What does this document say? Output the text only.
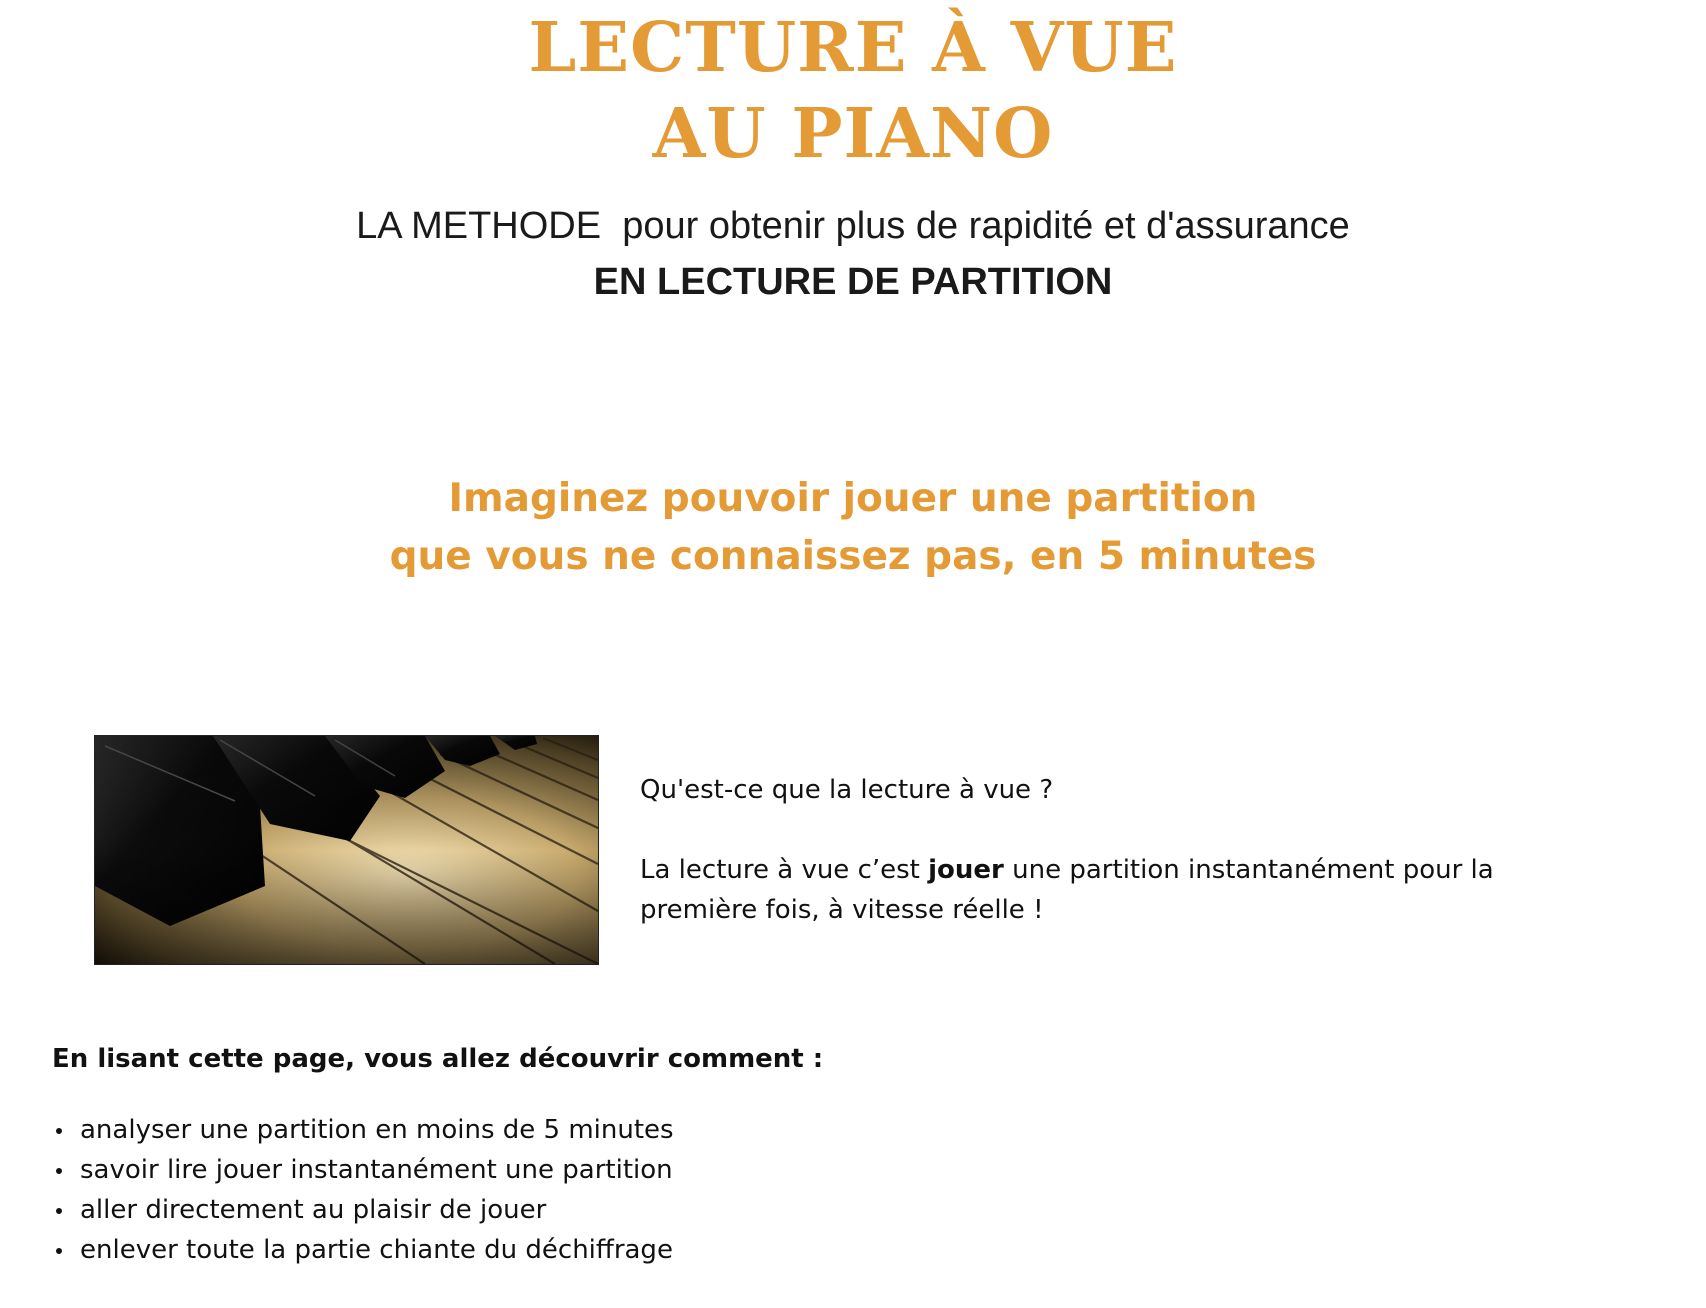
LECTURE À VUE
AU PIANO
LA METHODE  pour obtenir plus de rapidité et d'assurance
EN LECTURE DE PARTITION
Imaginez pouvoir jouer une partition
que vous ne connaissez pas, en 5 minutes

Qu'est-ce que la lecture à vue ?

La lecture à vue c’est jouer une partition instantanément pour la première fois, à vitesse réelle !

En lisant cette page, vous allez découvrir comment :
analyser une partition en moins de 5 minutes
savoir lire jouer instantanément une partition
aller directement au plaisir de jouer
enlever toute la partie chiante du déchiffrage
